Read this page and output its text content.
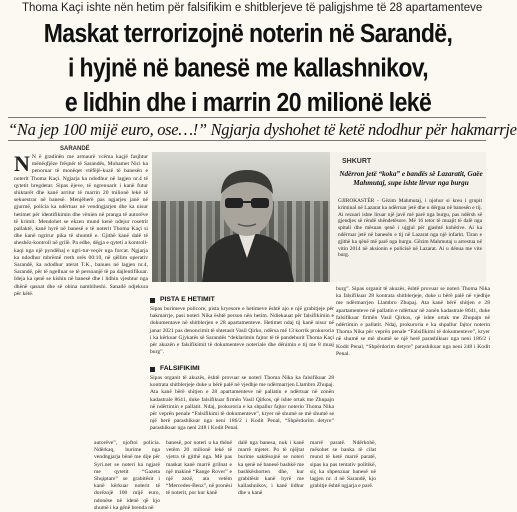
Thoma Kaçi ishte nën hetim për falsifikim e shitblerjeve të paligjshme të 28 apartamenteve
Maskat terrorizojnë noterin në Sarandë,
i hyjnë në banesë me kallashnikov,
e lidhin dhe i marrin 20 milionë lekë
“Na jep 100 mijë euro, ose…!” Ngjarja dyshohet të ketë ndodhur për hakmarrje
SARANDË
N N ë gradinën me armaurë vcëma kaçjë fasjhtur mënëqfjëze frëqnër të Sarandës, Muhamet Nici ka penoruar të monëqet vtëfëjë-kuzë të banesën e noterit Thoma Kaçi. Ngjarja ka ndodhur në lagjen nr.4 të qytetit bregdetar. Sipas ëjeve, të ngrenuarit i kanë futur shiktarët dhe kanë arritur të marrin 20 milionë lekë të sekuestrar në banesë. Menjëherë pas ngjarjes janë në gjurmë, policia ka ndërtuar në vendngjarjen dhe ka nisur hetimet për identifikimin dhe vënien në pranga të autorëve të krimit. Mendohet se ekzen mund kenë ndejur rosetrit pallaktë, kanë hyrë në banesë e të noterit Thoma Kaçi si dhe kanë ngrirur pika të shumtë e. Gjithë kanë dalë të sheshëz-kontroll në grilë. Pa edhe, dëgja e qyteti a kontroll-kaqi nga një pyndëhaj e ngri-tur-veçër nga forcat. Ngjarja ka ndodhur mbrëmë rreth orës 00:10, në qëllim operativ Sarandë, ka ndodhur aterat T.K., banues në lagjen nr.4, Sarandë, për të ngelluar se të persoanjë të pa dajlentifikuar. Ideja ka qenë se kishin në banesë dhe i lidhin vjeshtur nga dhënë qasnat dhe së obina nambiheshi. Sanadë ndjekura për këtë.
SHKURT
Ndërron jetë “koka” e bandës së Lazaratit, Gaëe Mahmutaj, supe ishte lirvur nga burgu
GJIROKASTËR - Gëzim Mahmutaj, i njohur si kreu i grupit kriminal në Lazarat ka ndërruar jetë dhe u dërgua në banesën e tij. Ai rezuari ishte liruar një javë më parë nga burgu, pas ndërsh së gjendjes së rëndë shëndetësore. Mё 16 tetor të muajit të dalë nga spitali dhe mësuan qenë i ujgjul për gjashtë kohëtive. Ai ka ndërruar jetë në banesën e tij në Lazarat nga një infarkt. Tiran e gjithë ka qënë më parë nga burgu. Gëzim Mahmutaj u arrestua në vitin 2014 në aksionin e policisë në Lazarat. Ai u dënua me vite burg.
PISTA E HETIMIT
Sipas burimeve policore, pista kryesore e hetimeve është ajo e një grabitjeje për hakmarrje, pasi noteri Nika është person nën hetim. Ndiekauat për falsifikimin e dokumentave në shitblerjen e 28 apartamenteve. Hetimet ndaj tij kanë nisur në janar 2021 pas denoncimit të shtetasit Vasil Qirko, ndërsa më 13 korrik prokuroria i ka kërkuar Gjykatës së Sarandës “deklarimin fajtor të të pandehurit Thoma Kaçi për akuzën e falsifikimit të dokumenteve noteriale dhe dënimin e tij me 8 muaj burg”.
FALSIFIKIMI
Sipas organit të akuzës, është provuar se noteri Thoma Nika ka falsifikuar 28 kontrata shitblerjeje duke u bërë palë në vjedhje me ndërmarrjen Llambro Zhupaj. Ata kanë bërë shitjen e 28 apartamenteve në pallatin e ndërtuar në zonën kadastrale 8641, duke falsifikuar firmën Vasil Qirkos, që ishte ortak me Zhupajn në ndërtimin e pallatit. Ndaj, prokuroria e ka shpallur fajtor noterin Thoma Nika për veprën penale “Falsifikimi të dokumenteve”, kryer në shumë se më shumë se një herë parashikuar nga neni 186/2 i Kodit Penal, “Shpërdorim detyre” parashikuar nga neni 248 i Kodit Penal.
burg”. Sipas organit të akuzës, është provuar se noteri Thoma Nika ka falsifikuar 28 kontrata shitblerjeje, duke u bërë palë në vjedhje me ndërmarrjen Llambro Zhupaj. Ata kanë bërë shitjen e 28 apartamenteve në pallatin e ndërtuar në zonën kadastrale 8641, duke falsifikuar firmën Vasil Qirkos, që ishte ortak me Zhupajn në ndërtimin e pallatit. Ndaj, prokuroria e ka shpallur fajtor noterin Thoma Nika për veprën penale “Falsifikimi të dokumenteve”, kryer në shumë se më shumë se një herë parashikuar nga neni 186/2 i Kodit Penal, “Shpërdorim detyre” parashikuar nga neni 248 i Kodit Penal.
autorëve”, njoftoi policia. Ndërkaq, burime nga vendngjarja bënë me dije për Syri.net se noteri ka ngjarë me qytetit “Gazeta Shqiptare” se grabitësit i kanë kërkuar noterit të dorëzojë 100 mijë euro, ndonëse në idenë që kjo shumë i ka gënë brenda në
banesë, por noteri u ka thënë vetëm 20 milionë lekë të vjetra të gjithë nga. Më pas maskat kanë marrë grilnat e një makinë “Range Rover” e një zezë, ata vetëm “Mercedes-Benz”, në pronësi të noterit, por kur kanë
dalë nga banesa, nuk i kanë marrë mjetet. Po të njëjtat burime saktësojnë se noteri ka qenë në banesë bashkë me bashkëshorten dhe, kur grabitësit kanë hyrë me kallashnikov, i kanë lidhur dhe u kanë
marrë paratë. Ndërkohë, mësohet se banka të cilat mund të ketë marrë paratë, sipas ka pas tentativ politikë, siç ka shpenzuar banesë në lagjen nr. 4 në Sarandë, kjo grabitje është ngjarja e parë.
